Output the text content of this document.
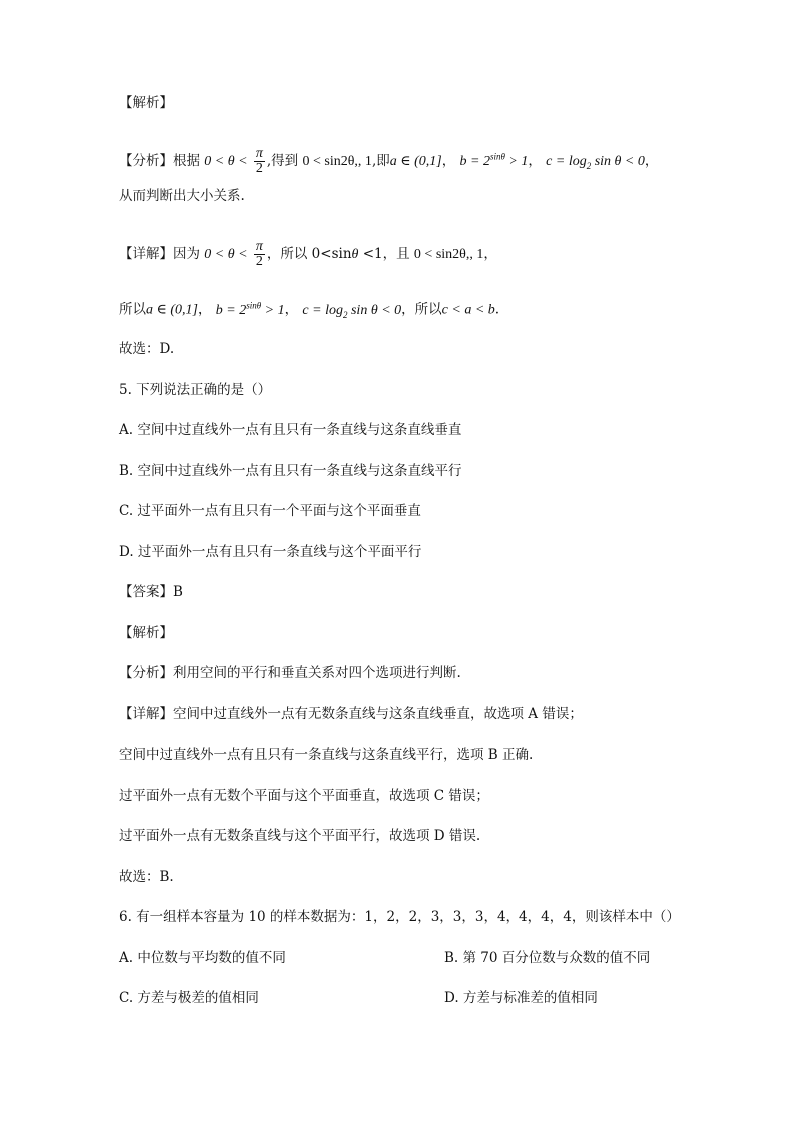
【解析】
【分析】根据 $0 < \theta < \frac{\pi}{2}$ ,得到 0 < sin2θ,, 1,即a ∈ (0,1]， $b = 2^{sin\theta} > 1$， $c = \log_2 \sin \theta < 0$，
从而判断出大小关系.
【详解】因为 $0 < \theta < \frac{\pi}{2}$ ，所以 0<sinθ <1，且 0 < sin2θ,, 1，
所以a ∈ (0,1]， $b = 2^{sin\theta} > 1$， $c = \log_2 \sin \theta < 0$，所以c < a < b.
故选：D.
5. 下列说法正确的是（）
A. 空间中过直线外一点有且只有一条直线与这条直线垂直
B. 空间中过直线外一点有且只有一条直线与这条直线平行
C. 过平面外一点有且只有一个平面与这个平面垂直
D. 过平面外一点有且只有一条直线与这个平面平行
【答案】B
【解析】
【分析】利用空间的平行和垂直关系对四个选项进行判断.
【详解】空间中过直线外一点有无数条直线与这条直线垂直，故选项 A 错误；
空间中过直线外一点有且只有一条直线与这条直线平行，选项 B 正确.
过平面外一点有无数个平面与这个平面垂直，故选项 C 错误；
过平面外一点有无数条直线与这个平面平行，故选项 D 错误.
故选：B.
6. 有一组样本容量为 10 的样本数据为：1，2，2，3，3，3，4，4，4，4，则该样本中（）
A. 中位数与平均数的值不同	B. 第 70 百分位数与众数的值不同
C. 方差与极差的值相同	D. 方差与标准差的值相同
